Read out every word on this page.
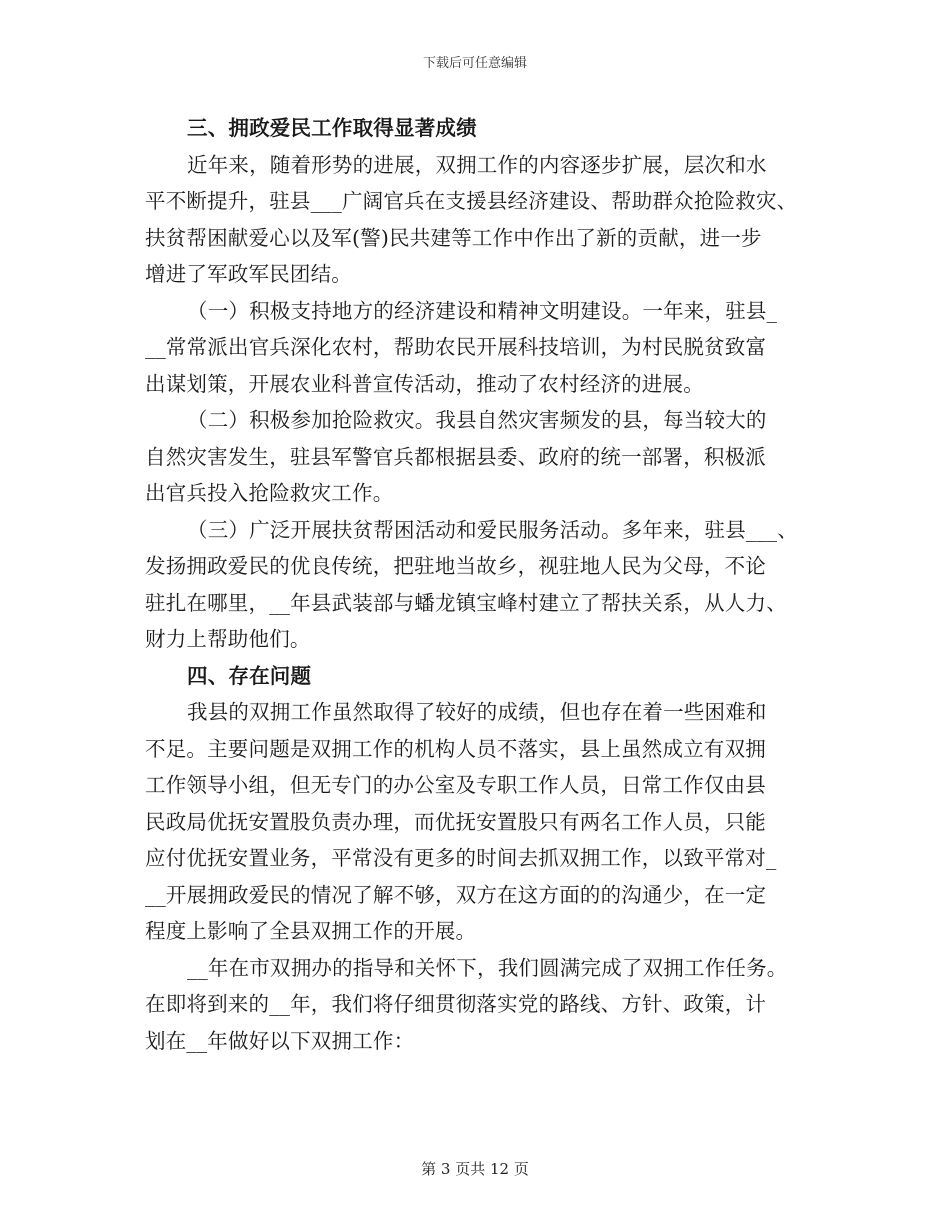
下载后可任意编辑
三、拥政爱民工作取得显著成绩
近年来，随着形势的进展，双拥工作的内容逐步扩展，层次和水
平不断提升，驻县___广阔官兵在支援县经济建设、帮助群众抢险救灾、
扶贫帮困献爱心以及军(警)民共建等工作中作出了新的贡献，进一步
增进了军政军民团结。
（一）积极支持地方的经济建设和精神文明建设。一年来，驻县_
__常常派出官兵深化农村，帮助农民开展科技培训，为村民脱贫致富
出谋划策，开展农业科普宣传活动，推动了农村经济的进展。
（二）积极参加抢险救灾。我县自然灾害频发的县，每当较大的
自然灾害发生，驻县军警官兵都根据县委、政府的统一部署，积极派
出官兵投入抢险救灾工作。
（三）广泛开展扶贫帮困活动和爱民服务活动。多年来，驻县___、
发扬拥政爱民的优良传统，把驻地当故乡，视驻地人民为父母，不论
驻扎在哪里，__年县武装部与蟠龙镇宝峰村建立了帮扶关系，从人力、
财力上帮助他们。
四、存在问题
我县的双拥工作虽然取得了较好的成绩，但也存在着一些困难和
不足。主要问题是双拥工作的机构人员不落实，县上虽然成立有双拥
工作领导小组，但无专门的办公室及专职工作人员，日常工作仅由县
民政局优抚安置股负责办理，而优抚安置股只有两名工作人员，只能
应付优抚安置业务，平常没有更多的时间去抓双拥工作，以致平常对_
__开展拥政爱民的情况了解不够，双方在这方面的的沟通少，在一定
程度上影响了全县双拥工作的开展。
__年在市双拥办的指导和关怀下，我们圆满完成了双拥工作任务。
在即将到来的__年，我们将仔细贯彻落实党的路线、方针、政策，计
划在__年做好以下双拥工作：
第 3 页共 12 页
